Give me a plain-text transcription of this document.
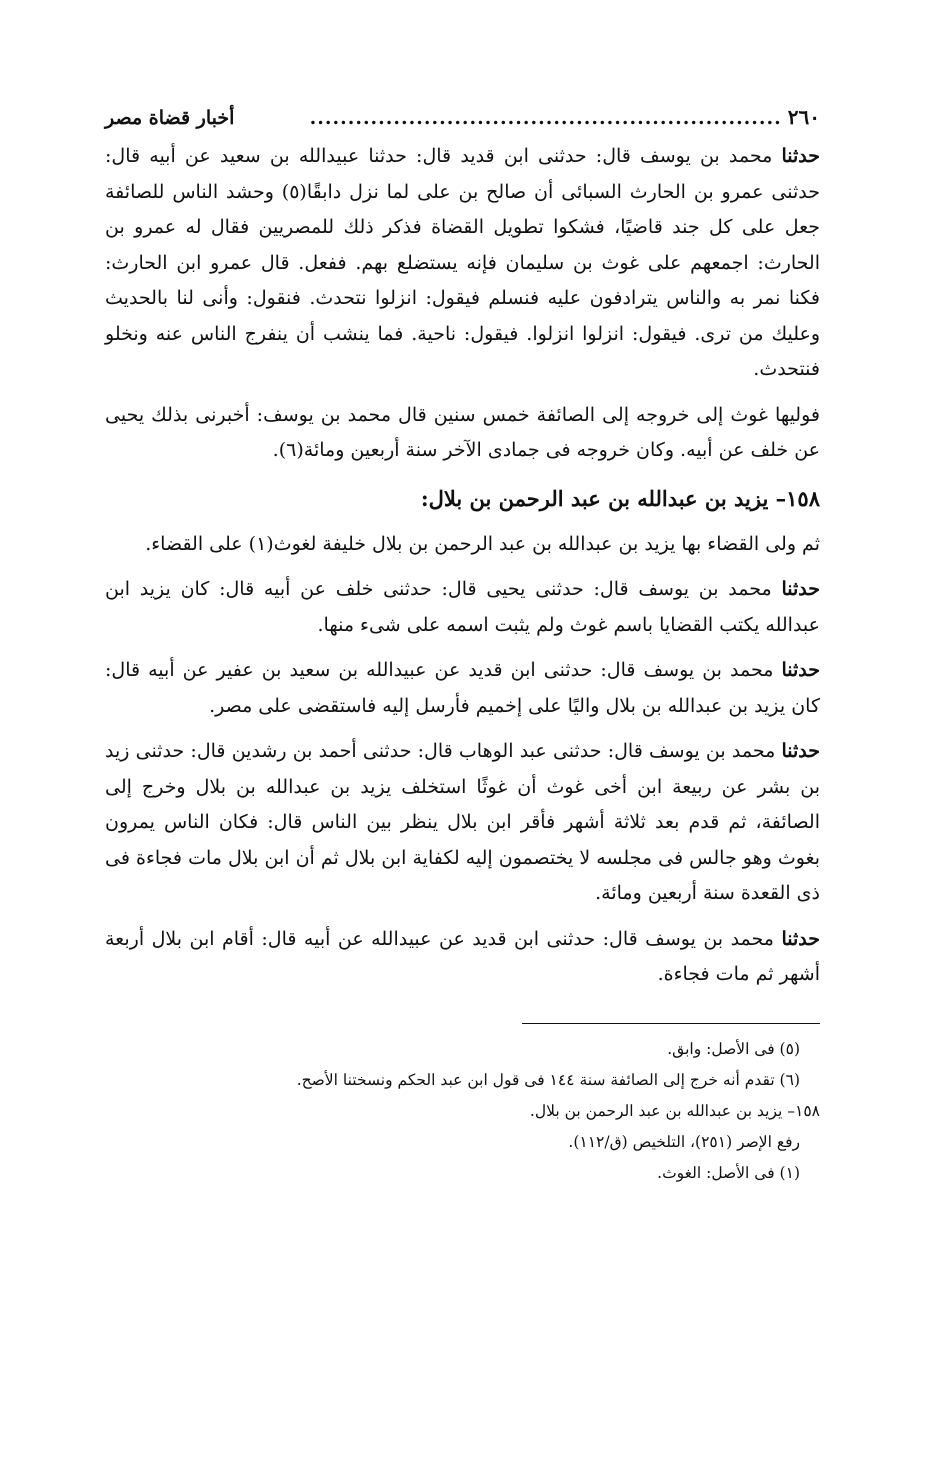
٢٦٠
..............................................................
أخبار قضاة مصر

حدثنا محمد بن يوسف قال: حدثنى ابن قديد قال: حدثنا عبيدالله بن سعيد عن أبيه قال: حدثنى عمرو بن الحارث السبائى أن صالح بن على لما نزل دابقًا(٥) وحشد الناس للصائفة جعل على كل جند قاضيًا، فشكوا تطويل القضاة فذكر ذلك للمصريين فقال له عمرو بن الحارث: اجمعهم على غوث بن سليمان فإنه يستضلع بهم. ففعل. قال عمرو ابن الحارث: فكنا نمر به والناس يترادفون عليه فنسلم فيقول: انزلوا نتحدث. فنقول: وأنى لنا بالحديث وعليك من ترى. فيقول: انزلوا انزلوا. فيقول: ناحية. فما ينشب أن ينفرج الناس عنه ونخلو فنتحدث.

فوليها غوث إلى خروجه إلى الصائفة خمس سنين قال محمد بن يوسف: أخبرنى بذلك يحيى عن خلف عن أبيه. وكان خروجه فى جمادى الآخر سنة أربعين ومائة(٦).

١٥٨– يزيد بن عبدالله بن عبد الرحمن بن بلال:

ثم ولى القضاء بها يزيد بن عبدالله بن عبد الرحمن بن بلال خليفة لغوث(١) على القضاء.

حدثنا محمد بن يوسف قال: حدثنى يحيى قال: حدثنى خلف عن أبيه قال: كان يزيد ابن عبدالله يكتب القضايا باسم غوث ولم يثبت اسمه على شىء منها.

حدثنا محمد بن يوسف قال: حدثنى ابن قديد عن عبيدالله بن سعيد بن عفير عن أبيه قال: كان يزيد بن عبدالله بن بلال واليًا على إخميم فأرسل إليه فاستقضى على مصر.

حدثنا محمد بن يوسف قال: حدثنى عبد الوهاب قال: حدثنى أحمد بن رشدين قال: حدثنى زيد بن بشر عن ربيعة ابن أخى غوث أن غوثًا استخلف يزيد بن عبدالله بن بلال وخرج إلى الصائفة، ثم قدم بعد ثلاثة أشهر فأقر ابن بلال ينظر بين الناس قال: فكان الناس يمرون بغوث وهو جالس فى مجلسه لا يختصمون إليه لكفاية ابن بلال ثم أن ابن بلال مات فجاءة فى ذى القعدة سنة أربعين ومائة.

حدثنا محمد بن يوسف قال: حدثنى ابن قديد عن عبيدالله عن أبيه قال: أقام ابن بلال أربعة أشهر ثم مات فجاءة.

(٥) فى الأصل: وابق.

(٦) تقدم أنه خرج إلى الصائفة سنة ١٤٤ فى قول ابن عبد الحكم ونسختنا الأصح.

١٥٨– يزيد بن عبدالله بن عبد الرحمن بن بلال.

رفع الإصر (٢٥١)، التلخيص (ق/١١٢).

(١) فى الأصل: الغوث.
